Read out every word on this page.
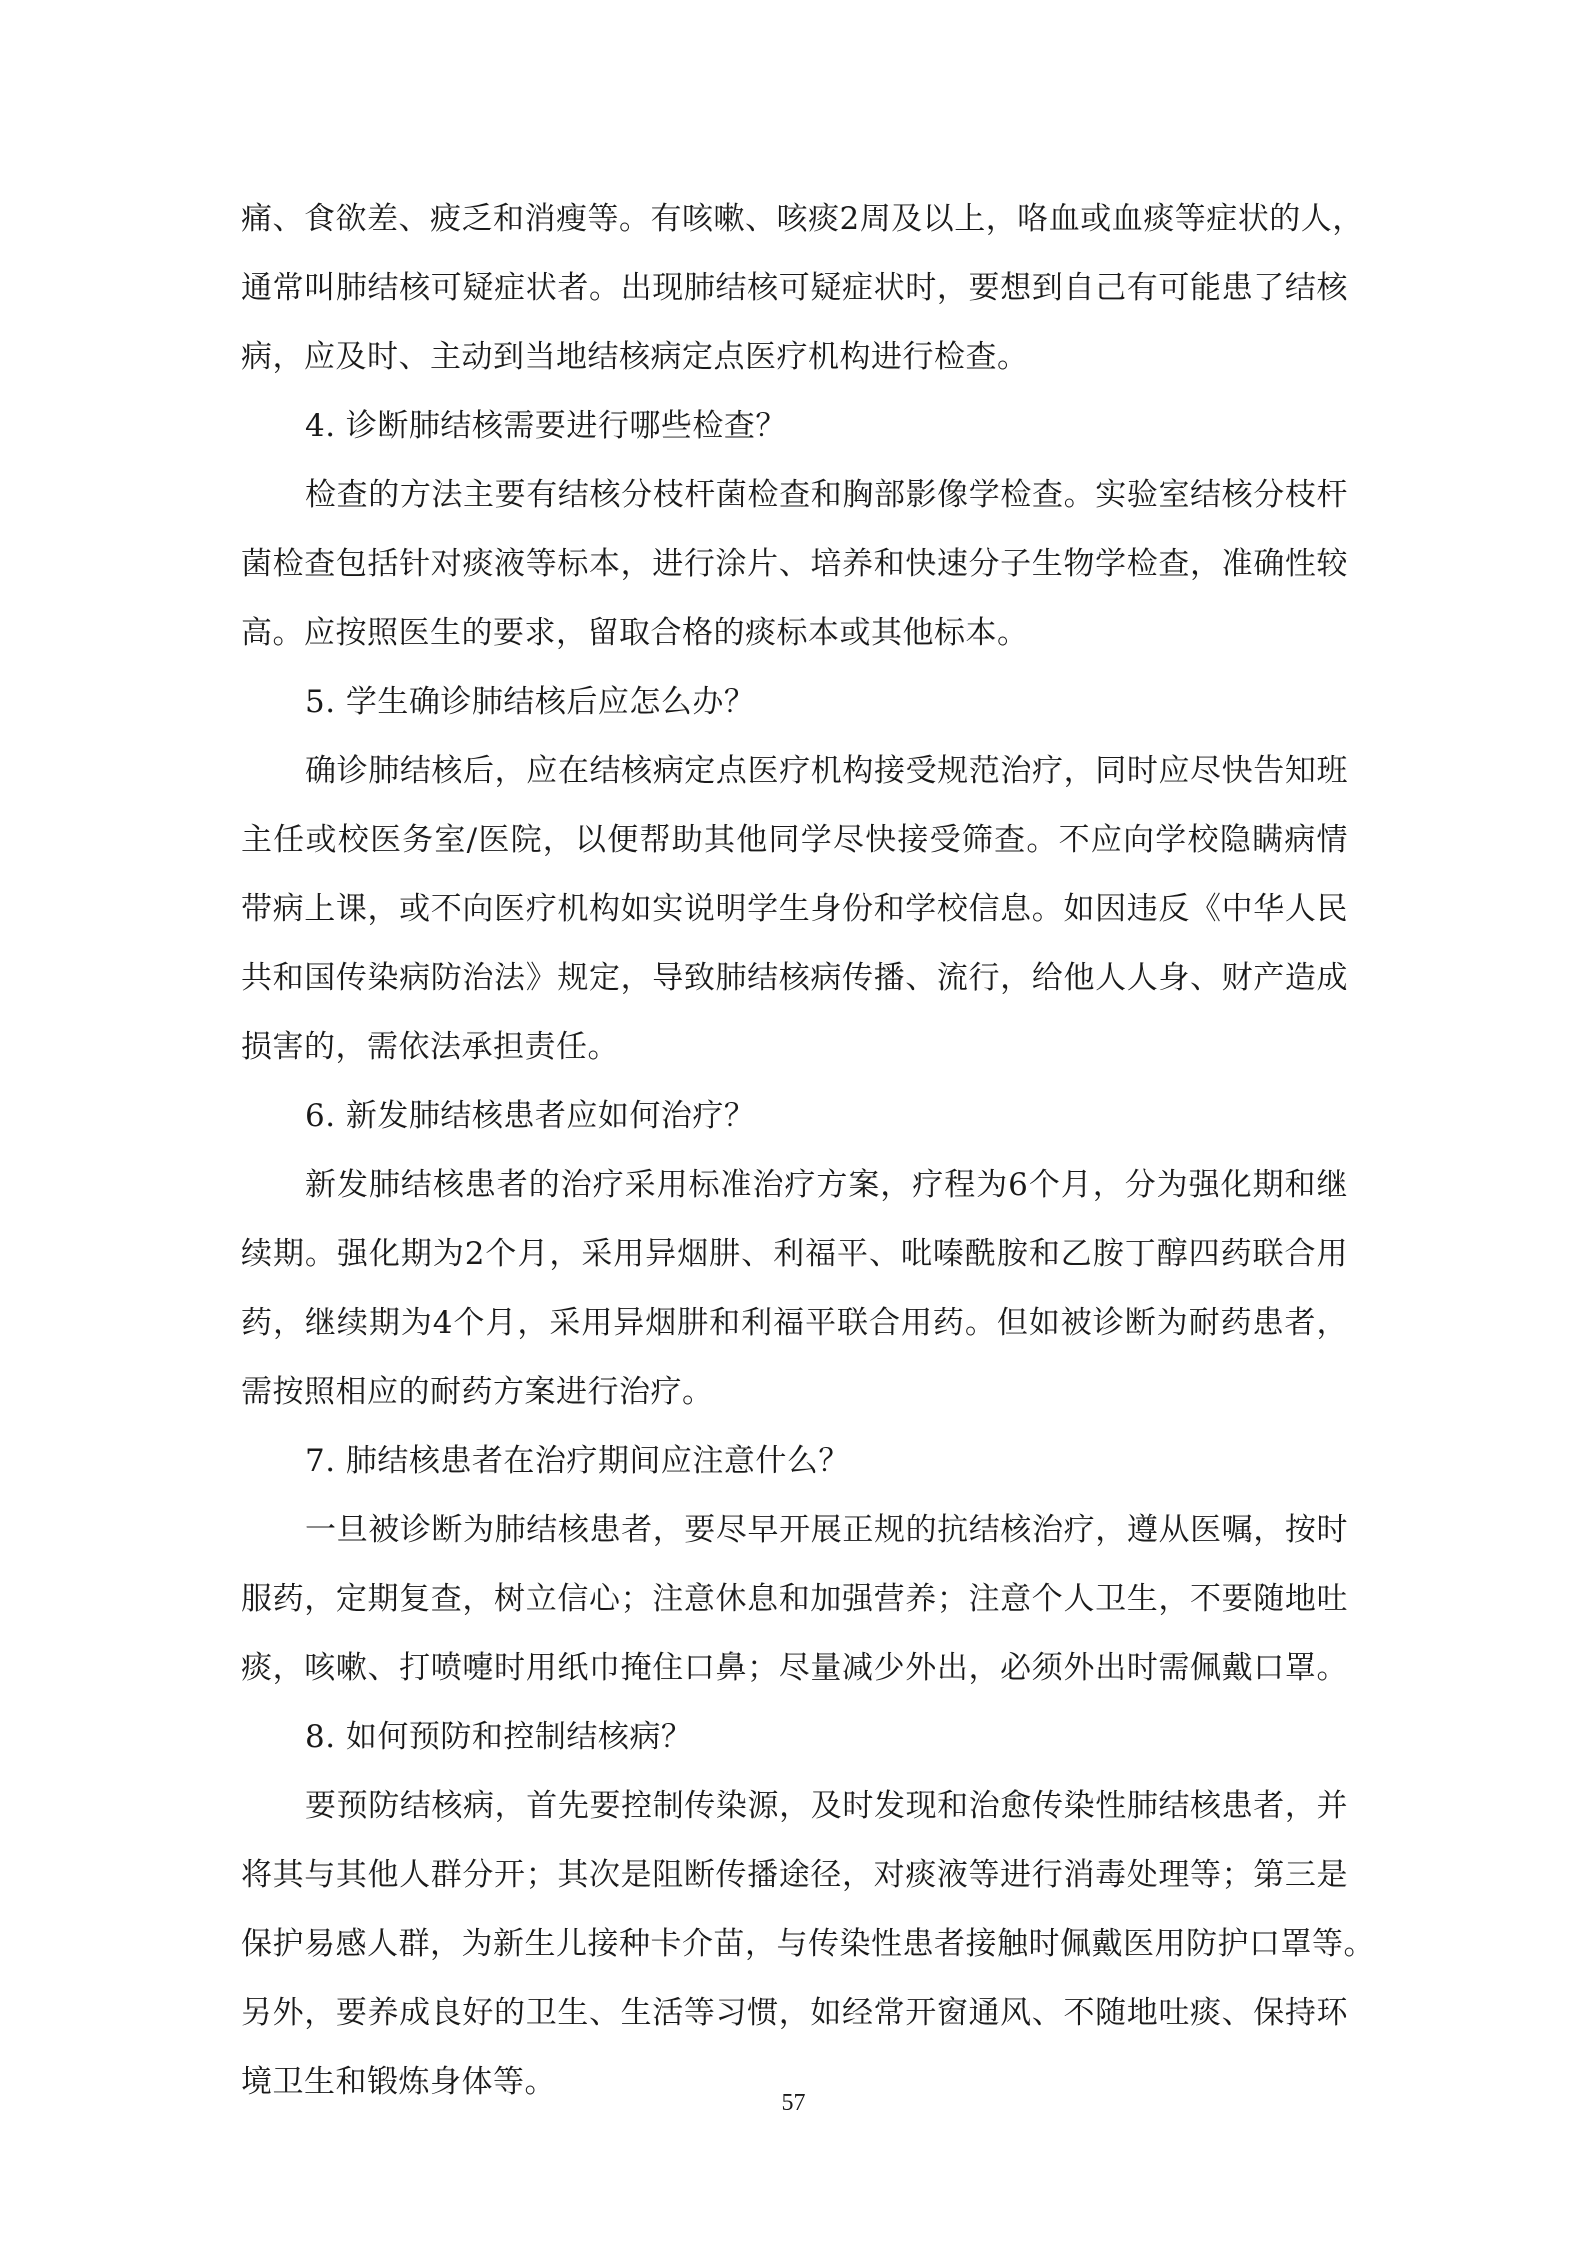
痛、食欲差、疲乏和消瘦等。有咳嗽、咳痰2周及以上，咯血或血痰等症状的人，
通常叫肺结核可疑症状者。出现肺结核可疑症状时，要想到自己有可能患了结核
病，应及时、主动到当地结核病定点医疗机构进行检查。
4. 诊断肺结核需要进行哪些检查？
检查的方法主要有结核分枝杆菌检查和胸部影像学检查。实验室结核分枝杆
菌检查包括针对痰液等标本，进行涂片、培养和快速分子生物学检查，准确性较
高。应按照医生的要求，留取合格的痰标本或其他标本。
5. 学生确诊肺结核后应怎么办？
确诊肺结核后，应在结核病定点医疗机构接受规范治疗，同时应尽快告知班
主任或校医务室/医院，以便帮助其他同学尽快接受筛查。不应向学校隐瞒病情
带病上课，或不向医疗机构如实说明学生身份和学校信息。如因违反《中华人民
共和国传染病防治法》规定，导致肺结核病传播、流行，给他人人身、财产造成
损害的，需依法承担责任。
6. 新发肺结核患者应如何治疗？
新发肺结核患者的治疗采用标准治疗方案，疗程为6个月，分为强化期和继
续期。强化期为2个月，采用异烟肼、利福平、吡嗪酰胺和乙胺丁醇四药联合用
药，继续期为4个月，采用异烟肼和利福平联合用药。但如被诊断为耐药患者，
需按照相应的耐药方案进行治疗。
7. 肺结核患者在治疗期间应注意什么？
一旦被诊断为肺结核患者，要尽早开展正规的抗结核治疗，遵从医嘱，按时
服药，定期复查，树立信心；注意休息和加强营养；注意个人卫生，不要随地吐
痰，咳嗽、打喷嚏时用纸巾掩住口鼻；尽量减少外出，必须外出时需佩戴口罩。
8. 如何预防和控制结核病？
要预防结核病，首先要控制传染源，及时发现和治愈传染性肺结核患者，并
将其与其他人群分开；其次是阻断传播途径，对痰液等进行消毒处理等；第三是
保护易感人群，为新生儿接种卡介苗，与传染性患者接触时佩戴医用防护口罩等。
另外，要养成良好的卫生、生活等习惯，如经常开窗通风、不随地吐痰、保持环
境卫生和锻炼身体等。
57
